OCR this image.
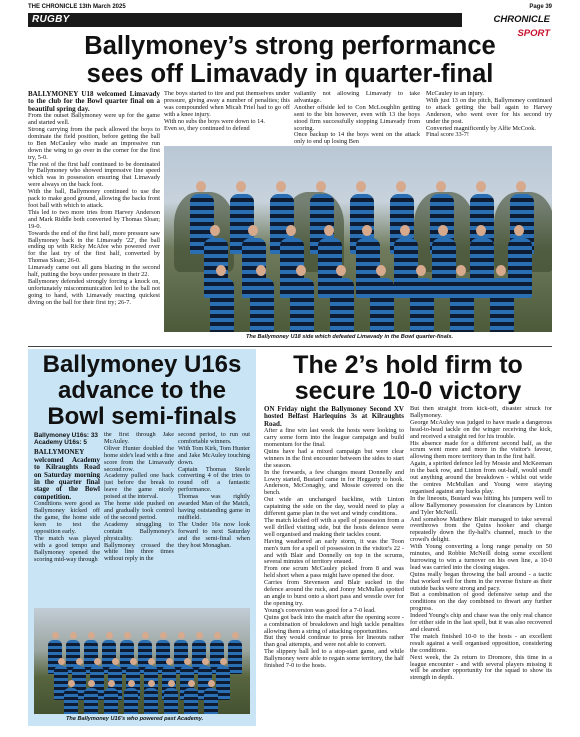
THE CHRONICLE 13th March 2025	Page 39
RUGBY	CHRONICLE SPORT
Ballymoney’s strong performance
sees off Limavady in quarter-final

BALLYMONEY U18 welcomed Limavady to the club for the Bowl quarter final on a beautiful spring day.

From the outset Ballymoney were up for the game and started well.

Strong carrying from the pack allowed the boys to dominate the field position, before getting the ball to Ben McCauley who made an impressive run down the wing to go over in the corner for the first try, 5-0.

The rest of the first half continued to be dominated by Ballymoney who showed impressive line speed which was in possession ensuring that Limavady were always on the back foot.

With the ball, Ballymoney continued to use the pack to make good ground, allowing the backs front foot ball with which to attack.

This led to two more tries from Harvey Anderson and Mark Riddle both converted by Thomas Sloan; 19-0.

Towards the end of the first half, more pressure saw Ballymoney back in the Limavady '22', the ball ending up with Ricky McAfee who powered over for the last try of the first half, converted by Thomas Sloan; 26-0.

Limavady came out all guns blazing in the second half, putting the boys under pressure in their 22.

Ballymoney defended strongly forcing a knock on, unfortunately miscommunication led to the ball not going to hand, with Limavady reacting quickest diving on the ball for their first try; 26-7.

The boys started to tire and put themselves under pressure, giving away a number of penalties; this was compounded when Micah Friel had to go off with a knee injury.

With no subs the boys were down to 14.

Even so, they continued to defend

valiantly not allowing Limavady to take advantage.

Another offside led to Con McLoughlin getting sent to the bin however, even with 13 the boys stood firm successfully stopping Limavady from scoring.

Once backup to 14 the boys went on the attack only to end up losing Ben

McCauley to an injury.

With just 13 on the pitch, Ballymoney continued to attack getting the ball again to Harvey Anderson, who went over for his second try under the post.

Converted magnificently by Alfie McCook.

Final score 33-7!

The Ballymoney U18 side which defeated Limavady in the Bowl quarter-finals.
Ballymoney U16s advance to the Bowl semi-finals

Ballymoney U16s: 33

Academy U16s: 5

BALLYMONEY welcomed Academy to Kilraughts Road on Saturday morning in the quarter final stage of the Bowl competition.

Conditions were good as Ballymoney kicked off the game, the home side keen to test the opposition early.

The match was played with a good tempo and Ballymoney opened the scoring mid-way through

the first through Jake McAuley.

Oliver Hunter doubled the home side's lead with a fine score from the Limavady second row.

Academy pulled one back just before the break to leave the game nicely poised at the interval.

The home side pushed on and gradually took control of the second period.

Academy struggling to contain Ballymoney's physicality.

Ballymoney crossed the white line three times without reply in the

second period, to run out comfortable winners.

With Tom Kirk, Tom Hunter and Jake McAuley touching down.

Captain Thomas Steele converting 4 of the tries to round off a fantastic performance.

Thomas was rightly awarded Man of the Match, having outstanding game in midfield.

The Under 16s now look forward to next Saturday and the semi-final when they host Monaghan.

The Ballymoney U16’s who powered past Academy.
The 2’s hold firm to
secure 10-0 victory

ON Friday night the Ballymoney Second XV hosted Belfast Harlequins 3s at Kilraughts Road.

After a fine win last week the hosts were looking to carry some form into the league campaign and build momentum for the final.

Quins have had a mixed campaign but were clear winners in the first encounter between the sides to start the season.

In the forwards, a few changes meant Donnelly and Lowry started, Bustard came in for Heggarty to hook. Anderson, McConaghy, and Mossie covered on the bench.

Out wide an unchanged backline, with Linton captaining the side on the day, would need to play a different game plan in the wet and windy conditions.

The match kicked off with a spell of possession from a well drilled visiting side, but the hosts defence were well organised and making their tackles count.

Having weathered an early storm, it was the Toon men's turn for a spell of possession in the visitor's 22 - and with Blair and Donnelly on top in the scrums, several minutes of territory ensued.

From one scrum McCauley picked from 8 and was held short when a pass might have opened the door.

Carries from Stevenson and Blair sucked in the defence around the ruck, and Jonny McMullan spotted an angle to burst onto a short pass and wrestle over for the opening try.

Young's conversion was good for a 7-0 lead.

Quins got back into the match after the opening score - a combination of breakdown and high tackle penalties allowing them a string of attacking opportunities.

But they would continue to press for lineouts rather than goal attempts, and were not able to convert.

The slippery ball led to a stop-start game, and while Ballymoney were able to regain some territory, the half finished 7-0 to the hosts.

But then straight from kick-off, disaster struck for Ballymoney.

George McAuley was judged to have made a dangerous head-to-head tackle on the winger receiving the kick, and received a straight red for his trouble.

His absence made for a different second half, as the scrum went more and more in the visitor's favour, allowing them more territory than in the first half.

Again, a spirited defence led by Mossie and McKeeman in the back row, and Linton from out-half, would snuff out anything around the breakdown - whilst out wide the centres McMullan and Young were staying organised against any backs play.

In the lineouts, Bustard was hitting his jumpers well to allow Ballymoney possession for clearances by Linton and Tyler McNeill.

And somehow Matthew Blair managed to take several overthrows from the Quins hooker and charge repeatedly down the fly-half's channel, much to the crowd's delight.

With Young converting a long range penalty on 50 minutes, and Robbie McNeill doing some excellent burrowing to win a turnover on his own line, a 10-0 lead was carried into the closing stages.

Quins really began throwing the ball around - a tactic that worked well for them in the reverse fixture as their outside backs were strong and pacy.

But a combination of good defensive setup and the conditions on the day combined to thwart any further progress.

Indeed Young's chip and chase was the only real chance for either side in the last spell, but it was also recovered and cleared.

The match finished 10-0 to the hosts - an excellent result against a well organised opposition, considering the conditions.

Next week, the 2s return to Dromore, this time in a league encounter - and with several players missing it will be another opportunity for the squad to show its strength in depth.
